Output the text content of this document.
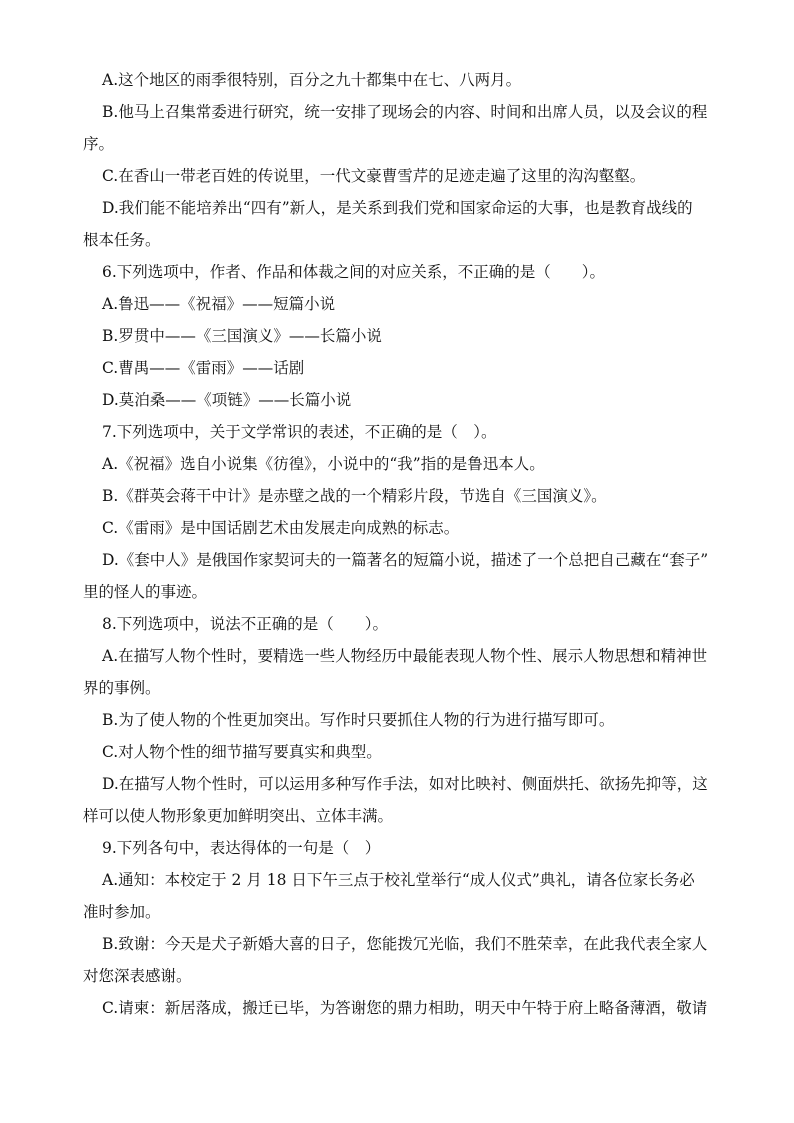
A.这个地区的雨季很特别，百分之九十都集中在七、八两月。

B.他马上召集常委进行研究，统一安排了现场会的内容、时间和出席人员，以及会议的程

序。

C.在香山一带老百姓的传说里，一代文豪曹雪芹的足迹走遍了这里的沟沟壑壑。

D.我们能不能培养出“四有”新人，是关系到我们党和国家命运的大事，也是教育战线的

根本任务。

6.下列选项中，作者、作品和体裁之间的对应关系，不正确的是（　　）。

A.鲁迅——《祝福》——短篇小说

B.罗贯中——《三国演义》——长篇小说

C.曹禺——《雷雨》——话剧

D.莫泊桑——《项链》——长篇小说

7.下列选项中，关于文学常识的表述，不正确的是（　）。

A.《祝福》选自小说集《彷徨》，小说中的“我”指的是鲁迅本人。

B.《群英会蒋干中计》是赤壁之战的一个精彩片段，节选自《三国演义》。

C.《雷雨》是中国话剧艺术由发展走向成熟的标志。

D.《套中人》是俄国作家契诃夫的一篇著名的短篇小说，描述了一个总把自己藏在“套子”

里的怪人的事迹。

8.下列选项中，说法不正确的是（　　）。

A.在描写人物个性时，要精选一些人物经历中最能表现人物个性、展示人物思想和精神世

界的事例。

B.为了使人物的个性更加突出。写作时只要抓住人物的行为进行描写即可。

C.对人物个性的细节描写要真实和典型。

D.在描写人物个性时，可以运用多种写作手法，如对比映衬、侧面烘托、欲扬先抑等，这

样可以使人物形象更加鲜明突出、立体丰满。

9.下列各句中，表达得体的一句是（　）

A.通知：本校定于 2 月 18 日下午三点于校礼堂举行“成人仪式”典礼，请各位家长务必

准时参加。

B.致谢：今天是犬子新婚大喜的日子，您能拨冗光临，我们不胜荣幸，在此我代表全家人

对您深表感谢。

C.请柬：新居落成，搬迁已毕，为答谢您的鼎力相助，明天中午特于府上略备薄酒，敬请
